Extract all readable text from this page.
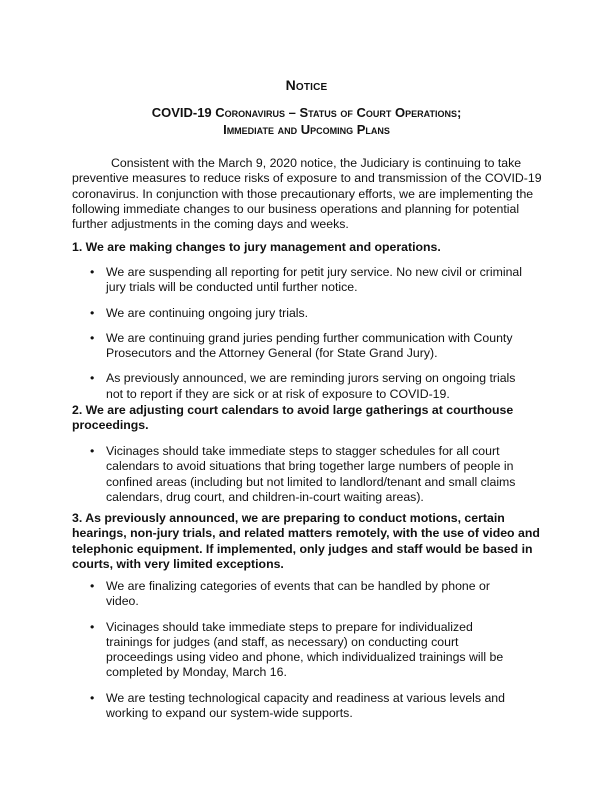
Notice
COVID-19 Coronavirus – Status of Court Operations;
Immediate and Upcoming Plans

Consistent with the March 9, 2020 notice, the Judiciary is continuing to take preventive measures to reduce risks of exposure to and transmission of the COVID-19 coronavirus. In conjunction with those precautionary efforts, we are implementing the following immediate changes to our business operations and planning for potential further adjustments in the coming days and weeks.

1. We are making changes to jury management and operations.

• We are suspending all reporting for petit jury service. No new civil or criminal jury trials will be conducted until further notice.
• We are continuing ongoing jury trials.
• We are continuing grand juries pending further communication with County Prosecutors and the Attorney General (for State Grand Jury).
• As previously announced, we are reminding jurors serving on ongoing trials not to report if they are sick or at risk of exposure to COVID-19.

2. We are adjusting court calendars to avoid large gatherings at courthouse proceedings.

• Vicinages should take immediate steps to stagger schedules for all court calendars to avoid situations that bring together large numbers of people in confined areas (including but not limited to landlord/tenant and small claims calendars, drug court, and children-in-court waiting areas).

3. As previously announced, we are preparing to conduct motions, certain hearings, non-jury trials, and related matters remotely, with the use of video and telephonic equipment. If implemented, only judges and staff would be based in courts, with very limited exceptions.

• We are finalizing categories of events that can be handled by phone or video.
• Vicinages should take immediate steps to prepare for individualized trainings for judges (and staff, as necessary) on conducting court proceedings using video and phone, which individualized trainings will be completed by Monday, March 16.
• We are testing technological capacity and readiness at various levels and working to expand our system-wide supports.
